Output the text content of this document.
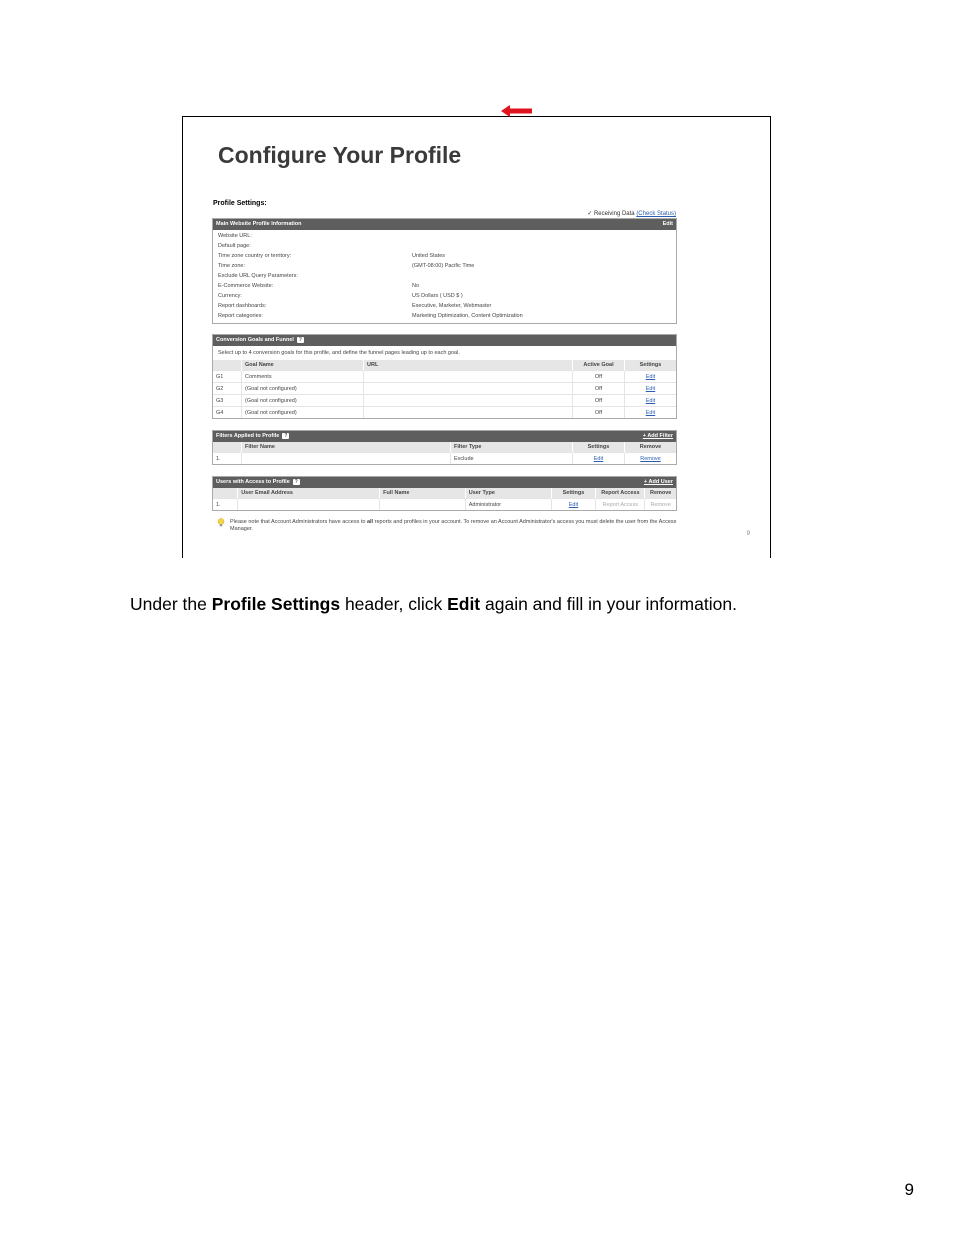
Configure Your Profile
Profile Settings:
✓ Receiving Data (Check Status)
Main Website Profile Information	Edit
Website URL:
Default page:
Time zone country or territory:	United States
Time zone:	(GMT-08:00) Pacific Time
Exclude URL Query Parameters:
E-Commerce Website:	No
Currency:	US Dollars ( USD $ )
Report dashboards:	Executive, Marketer, Webmaster
Report categories:	Marketing Optimization, Content Optimization
Conversion Goals and Funnel ?
Select up to 4 conversion goals for this profile, and define the funnel pages leading up to each goal.
	Goal Name	URL	Active Goal	Settings
G1	Comments		Off	Edit
G2	(Goal not configured)		Off	Edit
G3	(Goal not configured)		Off	Edit
G4	(Goal not configured)		Off	Edit
Filters Applied to Profile ?	+ Add Filter
	Filter Name	Filter Type	Settings	Remove
1.		Exclude	Edit	Remove
Users with Access to Profile ?	+ Add User
	User Email Address	Full Name	User Type	Settings	Report Access	Remove
1.			Administrator	Edit	Report Access	Remove
Please note that Account Administrators have access to all reports and profiles in your account. To remove an Account Administrator's access you must delete the user from the Access Manager.
9
Under the Profile Settings header, click Edit again and fill in your information.
9
